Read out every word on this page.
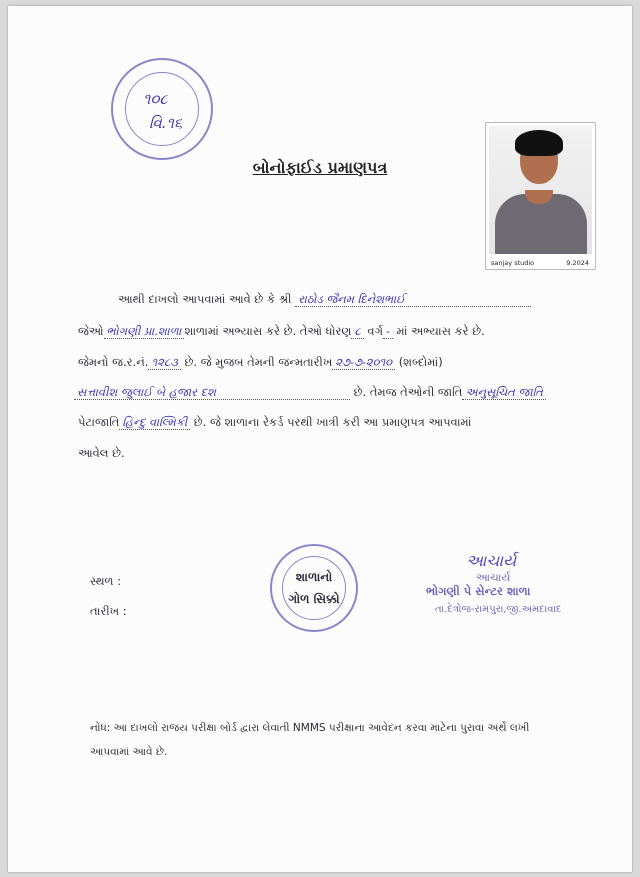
૧૦૮
વિ.૧૬
બોનોફાઈડ પ્રમાણપત્ર
sanjay studio	9.2024
આથી દાખલો આપવામાં આવે છે કે શ્રી રાઠોડ જૈનમ દિનેશભાઈ
જેઓ ભોગણી પ્રા.શાળા શાળામાં અભ્યાસ કરે છે. તેઓ ધોરણ ૮ વર્ગ - માં અભ્યાસ કરે છે.
જેમનો જ.ર.નં. ૧૨૮૩ છે. જે મુજબ તેમની જન્મતારીખ ૨૭-૭-૨૦૧૦ (શબ્દોમાં)
સત્તાવીશ જુલાઈ બે હજાર દશ	છે. તેમજ તેઓની જાતિ અનુસૂચિત જાતિ
પેટાજાતિ હિન્દુ વાલ્મિકી છે. જે શાળાના રેકર્ડ પરથી ખાત્રી કરી આ પ્રમાણપત્ર આપવામાં
આવેલ છે.
સ્થળ :
તારીખ :
શાળાનો
ગોળ સિક્કો
આચાર્ય
આચાર્ય
ભોગણી પે સેન્ટર શાળા
તા.દેત્રોજ-રામપુરા,જી.અમદાવાદ
નોંધ: આ દાખલો રાજય પરીક્ષા બોર્ડ દ્વારા લેવાતી NMMS પરીક્ષાના આવેદન કરવા માટેના પુરાવા અર્થે લખી આપવામાં આવે છે.
